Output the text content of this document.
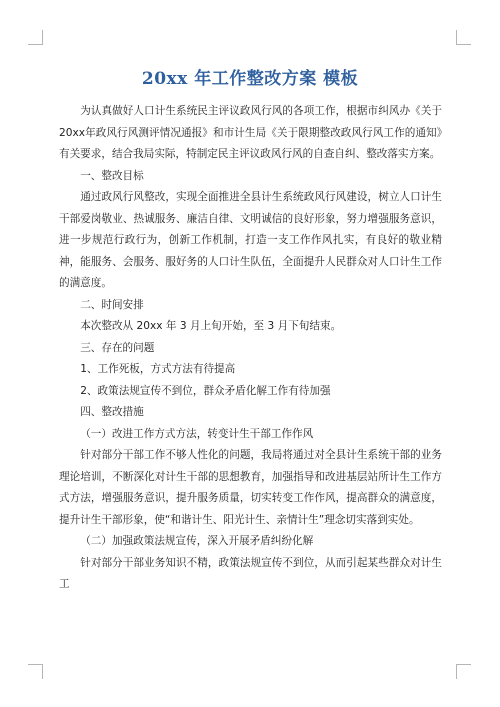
20xx 年工作整改方案 模板

为认真做好人口计生系统民主评议政风行风的各项工作，根据市纠风办《关于20xx年政风行风测评情况通报》和市计生局《关于限期整改政风行风工作的通知》有关要求，结合我局实际，特制定民主评议政风行风的自查自纠、整改落实方案。

一、整改目标

通过政风行风整改，实现全面推进全县计生系统政风行风建设，树立人口计生干部爱岗敬业、热诚服务、廉洁自律、文明诚信的良好形象，努力增强服务意识，进一步规范行政行为，创新工作机制，打造一支工作作风扎实，有良好的敬业精神，能服务、会服务、服好务的人口计生队伍，全面提升人民群众对人口计生工作的满意度。

二、时间安排

本次整改从 20xx 年 3 月上旬开始，至 3 月下旬结束。

三、存在的问题

1、工作死板，方式方法有待提高

2、政策法规宣传不到位，群众矛盾化解工作有待加强

四、整改措施

（一）改进工作方式方法，转变计生干部工作作风

针对部分干部工作不够人性化的问题，我局将通过对全县计生系统干部的业务理论培训，不断深化对计生干部的思想教育，加强指导和改进基层站所计生工作方式方法，增强服务意识，提升服务质量，切实转变工作作风，提高群众的满意度，提升计生干部形象，使“和谐计生、阳光计生、亲情计生”理念切实落到实处。

（二）加强政策法规宣传，深入开展矛盾纠纷化解

针对部分干部业务知识不精，政策法规宣传不到位，从而引起某些群众对计生工
